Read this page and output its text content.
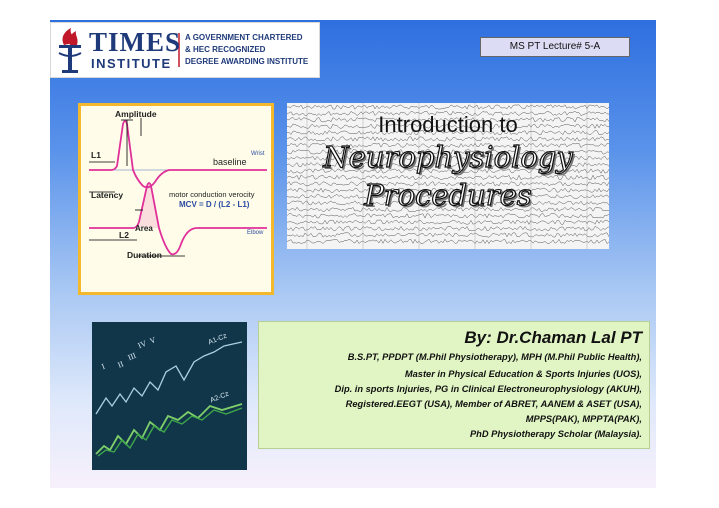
TIMES
INSTITUTE
A GOVERNMENT CHARTERED
& HEC RECOGNIZED
DEGREE AWARDING INSTITUTE
MS PT Lecture# 5-A
Amplitude
L1	Wrist
baseline
Latency	motor conduction verocity
MCV = D / (L2 - L1)
Area
L2	Elbow
Duration
Introduction to
Neurophysiology
Procedures
I II
III
IV V	A1-Cz
A2-Cz
By: Dr.Chaman Lal PT
B.S.PT, PPDPT (M.Phil Physiotherapy), MPH (M.Phil Public Health),
Master in Physical Education & Sports Injuries (UOS),
Dip. in sports Injuries, PG in Clinical Electroneurophysiology (AKUH),
Registered.EEGT (USA), Member of ABRET, AANEM & ASET (USA),
MPPS(PAK), MPPTA(PAK),
PhD Physiotherapy Scholar (Malaysia).
